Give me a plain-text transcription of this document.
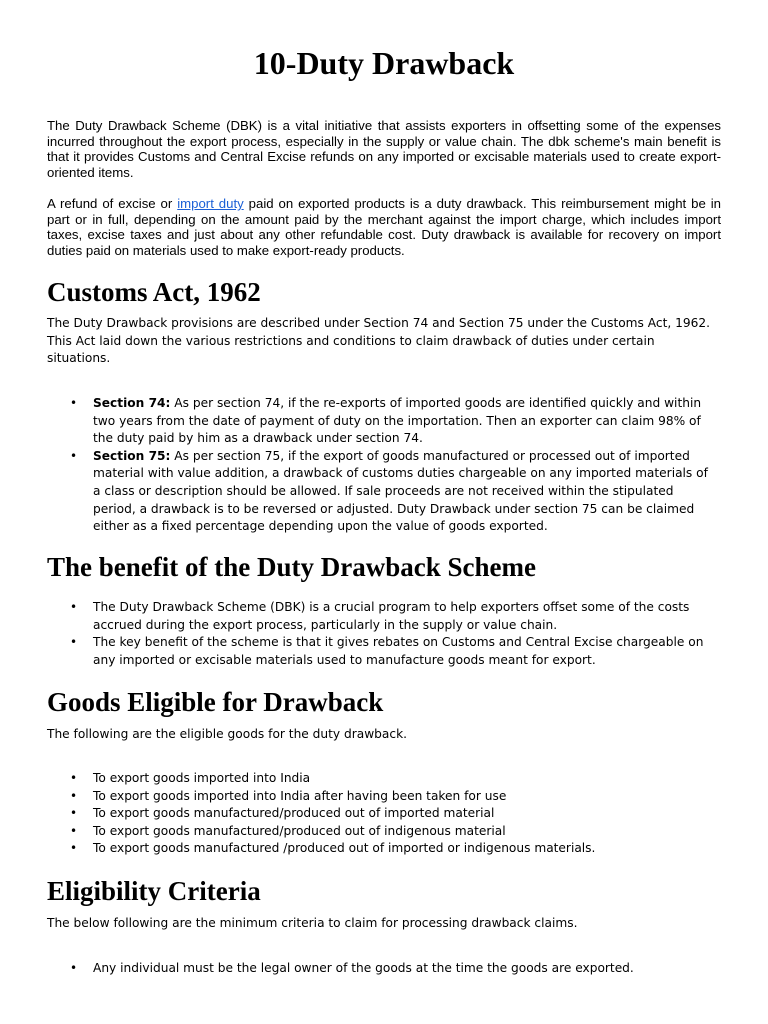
10-Duty Drawback

The Duty Drawback Scheme (DBK) is a vital initiative that assists exporters in offsetting some of the expenses incurred throughout the export process, especially in the supply or value chain. The dbk scheme's main benefit is that it provides Customs and Central Excise refunds on any imported or excisable materials used to create export-oriented items.

A refund of excise or import duty paid on exported products is a duty drawback. This reimbursement might be in part or in full, depending on the amount paid by the merchant against the import charge, which includes import taxes, excise taxes and just about any other refundable cost. Duty drawback is available for recovery on import duties paid on materials used to make export-ready products.

Customs Act, 1962

The Duty Drawback provisions are described under Section 74 and Section 75 under the Customs Act, 1962. This Act laid down the various restrictions and conditions to claim drawback of duties under certain situations.

• Section 74: As per section 74, if the re-exports of imported goods are identified quickly and within two years from the date of payment of duty on the importation. Then an exporter can claim 98% of the duty paid by him as a drawback under section 74.
• Section 75: As per section 75, if the export of goods manufactured or processed out of imported material with value addition, a drawback of customs duties chargeable on any imported materials of a class or description should be allowed. If sale proceeds are not received within the stipulated period, a drawback is to be reversed or adjusted. Duty Drawback under section 75 can be claimed either as a fixed percentage depending upon the value of goods exported.
The benefit of the Duty Drawback Scheme
• The Duty Drawback Scheme (DBK) is a crucial program to help exporters offset some of the costs accrued during the export process, particularly in the supply or value chain.
• The key benefit of the scheme is that it gives rebates on Customs and Central Excise chargeable on any imported or excisable materials used to manufacture goods meant for export.
Goods Eligible for Drawback

The following are the eligible goods for the duty drawback.

• To export goods imported into India
• To export goods imported into India after having been taken for use
• To export goods manufactured/produced out of imported material
• To export goods manufactured/produced out of indigenous material
• To export goods manufactured /produced out of imported or indigenous materials.
Eligibility Criteria

The below following are the minimum criteria to claim for processing drawback claims.

• Any individual must be the legal owner of the goods at the time the goods are exported.
